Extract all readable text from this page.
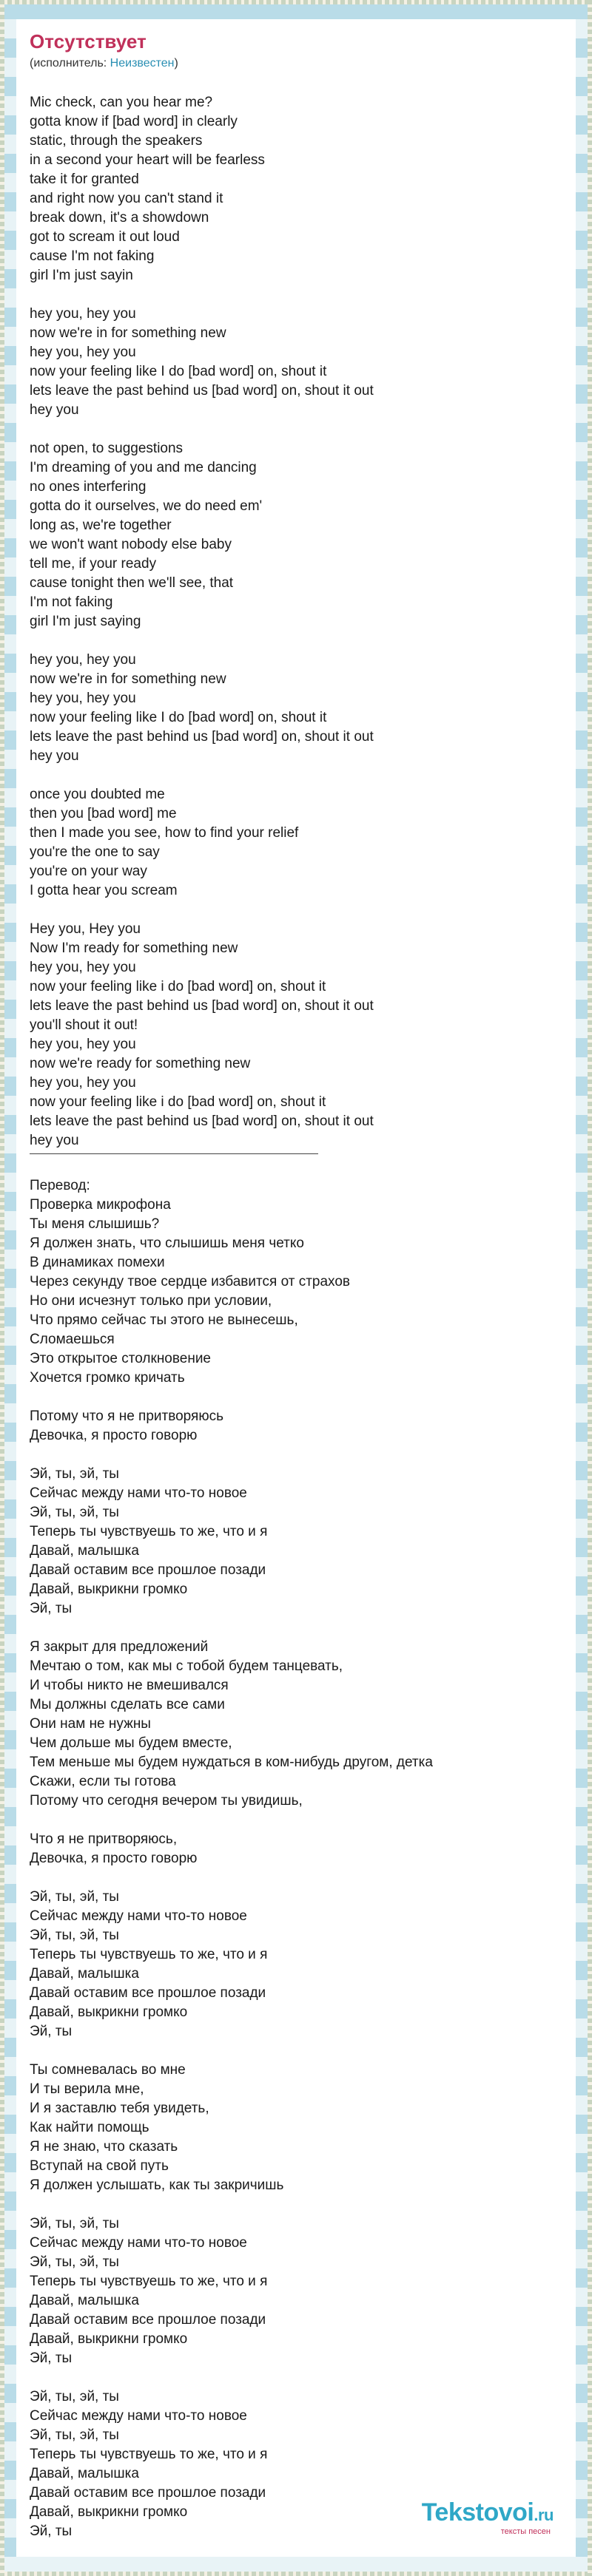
Отсутствует
(исполнитель: Неизвестен)
Mic check, can you hear me?
gotta know if [bad word] in clearly
static, through the speakers
in a second your heart will be fearless
take it for granted
and right now you can't stand it
break down, it's a showdown
got to scream it out loud
cause I'm not faking
girl I'm just sayin

hey you, hey you
now we're in for something new
hey you, hey you
now your feeling like I do [bad word] on, shout it
lets leave the past behind us [bad word] on, shout it out
hey you

not open, to suggestions
I'm dreaming of you and me dancing
no ones interfering
gotta do it ourselves, we do need em'
long as, we're together
we won't want nobody else baby
tell me, if your ready
cause tonight then we'll see, that
I'm not faking
girl I'm just saying

hey you, hey you
now we're in for something new
hey you, hey you
now your feeling like I do [bad word] on, shout it
lets leave the past behind us [bad word] on, shout it out
hey you

once you doubted me
then you [bad word] me
then I made you see, how to find your relief
you're the one to say
you're on your way
I gotta hear you scream

Hey you, Hey you
Now I'm ready for something new
hey you, hey you
now your feeling like i do [bad word] on, shout it
lets leave the past behind us [bad word] on, shout it out
you'll shout it out!
hey you, hey you
now we're ready for something new
hey you, hey you
now your feeling like i do [bad word] on, shout it
lets leave the past behind us [bad word] on, shout it out
hey you
Перевод:
Проверка микрофона
Ты меня слышишь?
Я должен знать, что слышишь меня четко
В динамиках помехи
Через секунду твое сердце избавится от страхов
Но они исчезнут только при условии,
Что прямо сейчас ты этого не вынесешь,
Сломаешься
Это открытое столкновение
Хочется громко кричать

Потому что я не притворяюсь
Девочка, я просто говорю

Эй, ты, эй, ты
Сейчас между нами что-то новое
Эй, ты, эй, ты
Теперь ты чувствуешь то же, что и я
Давай, малышка
Давай оставим все прошлое позади
Давай, выкрикни громко
Эй, ты

Я закрыт для предложений
Мечтаю о том, как мы с тобой будем танцевать,
И чтобы никто не вмешивался
Мы должны сделать все сами
Они нам не нужны
Чем дольше мы будем вместе,
Тем меньше мы будем нуждаться в ком-нибудь другом, детка
Скажи, если ты готова
Потому что сегодня вечером ты увидишь,

Что я не притворяюсь,
Девочка, я просто говорю

Эй, ты, эй, ты
Сейчас между нами что-то новое
Эй, ты, эй, ты
Теперь ты чувствуешь то же, что и я
Давай, малышка
Давай оставим все прошлое позади
Давай, выкрикни громко
Эй, ты

Ты сомневалась во мне
И ты верила мне,
И я заставлю тебя увидеть,
Как найти помощь
Я не знаю, что сказать
Вступай на свой путь
Я должен услышать, как ты закричишь

Эй, ты, эй, ты
Сейчас между нами что-то новое
Эй, ты, эй, ты
Теперь ты чувствуешь то же, что и я
Давай, малышка
Давай оставим все прошлое позади
Давай, выкрикни громко
Эй, ты

Эй, ты, эй, ты
Сейчас между нами что-то новое
Эй, ты, эй, ты
Теперь ты чувствуешь то же, что и я
Давай, малышка
Давай оставим все прошлое позади
Давай, выкрикни громко
Эй, ты
Tekstovoi.ru
тексты песен
